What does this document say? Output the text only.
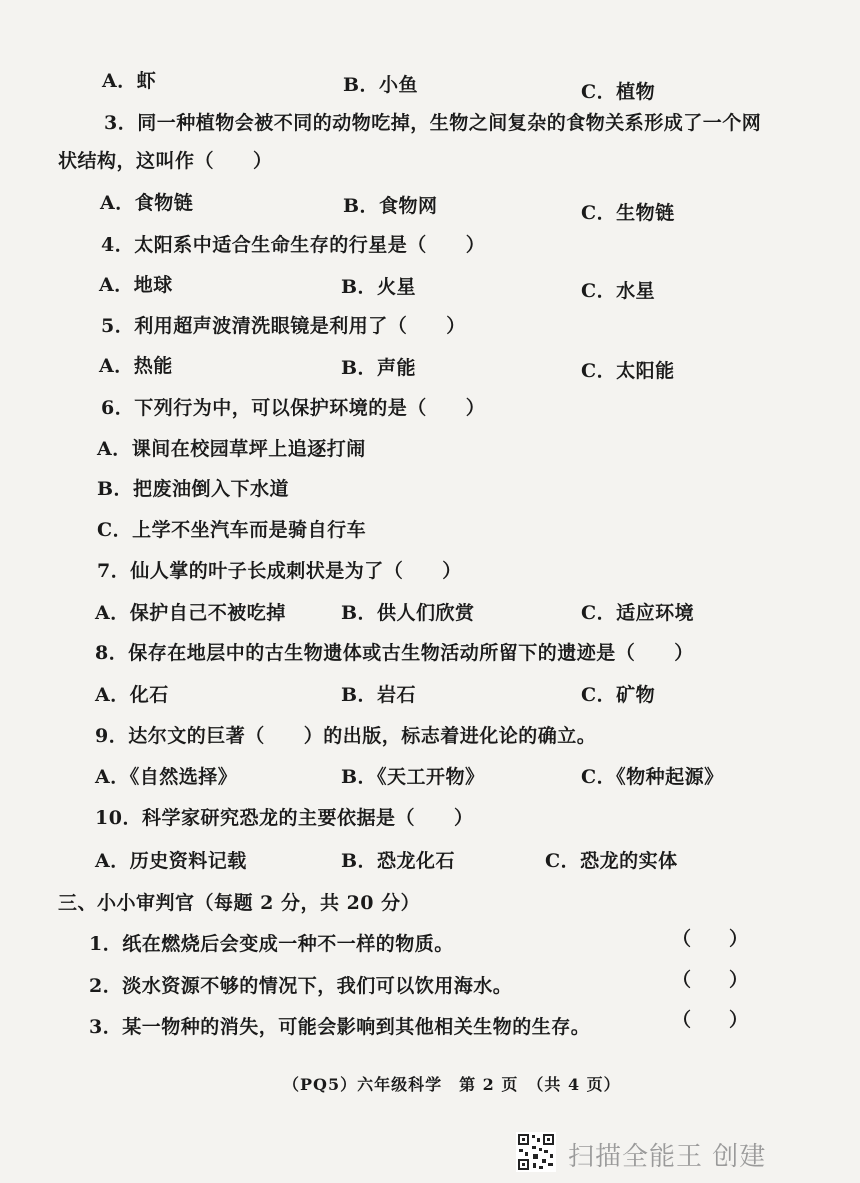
A．虾	B．小鱼	C．植物
3．同一种植物会被不同的动物吃掉，生物之间复杂的食物关系形成了一个网
状结构，这叫作（　　）
A．食物链	B．食物网	C．生物链
4．太阳系中适合生命生存的行星是（　　）
A．地球	B．火星	C．水星
5．利用超声波清洗眼镜是利用了（　　）
A．热能	B．声能	C．太阳能
6．下列行为中，可以保护环境的是（　　）
A．课间在校园草坪上追逐打闹
B．把废油倒入下水道
C．上学不坐汽车而是骑自行车
7．仙人掌的叶子长成刺状是为了（　　）
A．保护自己不被吃掉	B．供人们欣赏	C．适应环境
8．保存在地层中的古生物遗体或古生物活动所留下的遗迹是（　　）
A．化石	B．岩石	C．矿物
9．达尔文的巨著（　　）的出版，标志着进化论的确立。
A．《自然选择》	B．《天工开物》	C．《物种起源》
10．科学家研究恐龙的主要依据是（　　）
A．历史资料记载	B．恐龙化石	C．恐龙的实体
三、小小审判官（每题 2 分，共 20 分）
1．纸在燃烧后会变成一种不一样的物质。	（　　）
2．淡水资源不够的情况下，我们可以饮用海水。	（　　）
3．某一物种的消失，可能会影响到其他相关生物的生存。	（　　）
（PQ5）六年级科学　第 2 页　（共 4 页）
扫描全能王 创建
